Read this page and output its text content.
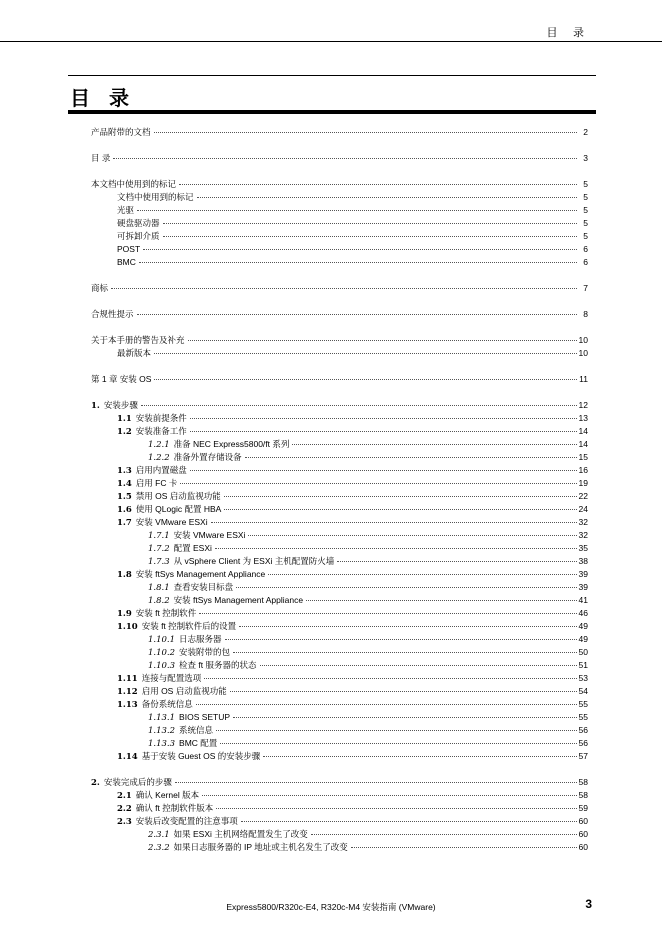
目 录
目 录
产品附带的文档	2
目 录	3
本文档中使用到的标记	5
文档中使用到的标记	5
光驱	5
硬盘驱动器	5
可拆卸介质	5
POST	6
BMC	6
商标	7
合规性提示	8
关于本手册的警告及补充	10
最新版本	10
第 1 章 安装 OS	11
1. 安装步骤	12
1.1 安装前提条件	13
1.2 安装准备工作	14
1.2.1 准备 NEC Express5800/ft 系列	14
1.2.2 准备外置存储设备	15
1.3 启用内置磁盘	16
1.4 启用 FC 卡	19
1.5 禁用 OS 启动监视功能	22
1.6 使用 QLogic 配置 HBA	24
1.7 安装 VMware ESXi	32
1.7.1 安装 VMware ESXi	32
1.7.2 配置 ESXi	35
1.7.3 从 vSphere Client 为 ESXi 主机配置防火墙	38
1.8 安装 ftSys Management Appliance	39
1.8.1 查看安装目标盘	39
1.8.2 安装 ftSys Management Appliance	41
1.9 安装 ft 控制软件	46
1.10 安装 ft 控制软件后的设置	49
1.10.1 日志服务器	49
1.10.2 安装附带的包	50
1.10.3 检查 ft 服务器的状态	51
1.11 连接与配置选项	53
1.12 启用 OS 启动监视功能	54
1.13 备份系统信息	55
1.13.1 BIOS SETUP	55
1.13.2 系统信息	56
1.13.3 BMC 配置	56
1.14 基于安装 Guest OS 的安装步骤	57
2. 安装完成后的步骤	58
2.1 确认 Kernel 版本	58
2.2 确认 ft 控制软件版本	59
2.3 安装后改变配置的注意事项	60
2.3.1 如果 ESXi 主机网络配置发生了改变	60
2.3.2 如果日志服务器的 IP 地址或主机名发生了改变	60
Express5800/R320c-E4, R320c-M4 安装指南 (VMware)	3
